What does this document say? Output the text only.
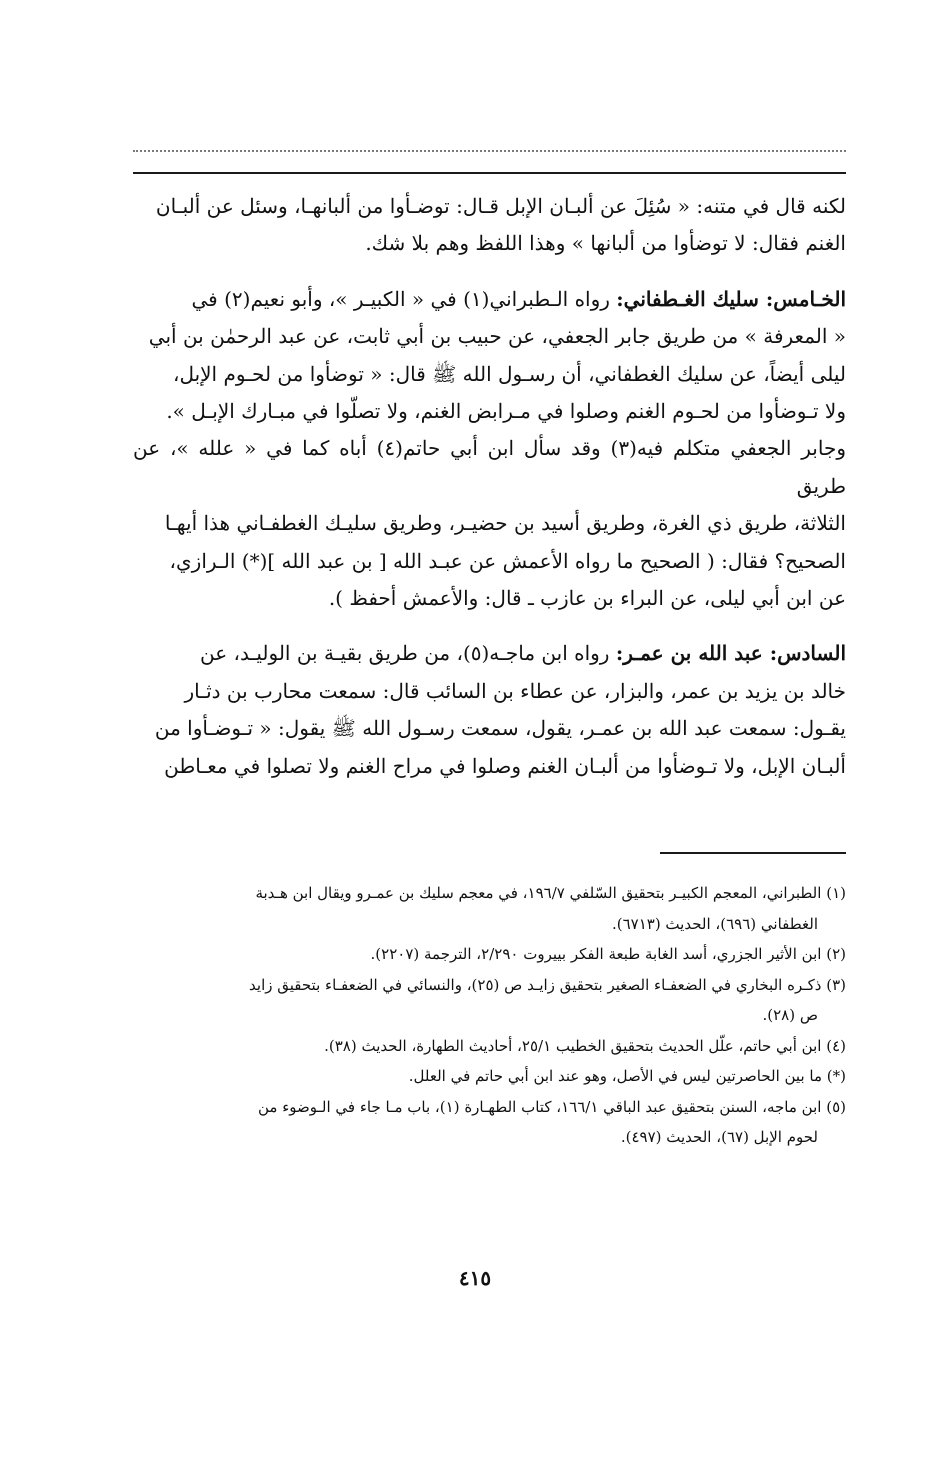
لكنه قال في متنه: « سُئِلَ عن ألبـان الإبل قـال: توضـأوا من ألبانهـا، وسئل عن ألبـان

الغنم فقال: لا توضأوا من ألبانها » وهذا اللفظ وهم بلا شك.

الخـامس: سليك الغـطفاني: رواه الـطبراني(١) في « الكبيـر »، وأبو نعيم(٢) في

« المعرفة » من طريق جابر الجعفي، عن حبيب بن أبي ثابت، عن عبد الرحمٰن بن أبي

ليلى أيضاً، عن سليك الغطفاني، أن رسـول الله ﷺ قال: « توضأوا من لحـوم الإبل،

ولا تـوضأوا من لحـوم الغنم وصلوا في مـرابض الغنم، ولا تصلّوا في مبـارك الإبـل ».

وجابر الجعفي متكلم فيه(٣) وقد سأل ابن أبي حاتم(٤) أباه كما في « علله »، عن طريق

الثلاثة، طريق ذي الغرة، وطريق أسيد بن حضيـر، وطريق سليـك الغطفـاني هذا أيهـا

الصحيح؟ فقال: ( الصحيح ما رواه الأعمش عن عبـد الله [ بن عبد الله ](*) الـرازي،

عن ابن أبي ليلى، عن البراء بن عازب ـ قال: والأعمش أحفظ ).

السادس: عبد الله بن عمـر: رواه ابن ماجـه(٥)، من طريق بقيـة بن الوليـد، عن

خالد بن يزيد بن عمر، والبزار، عن عطاء بن السائب قال: سمعت محارب بن دثـار

يقـول: سمعت عبد الله بن عمـر، يقول، سمعت رسـول الله ﷺ يقول: « تـوضـأوا من

ألبـان الإبل، ولا تـوضأوا من ألبـان الغنم وصلوا في مراح الغنم ولا تصلوا في معـاطن

(١) الطبراني، المعجم الكبيـر بتحقيق السّلفي ١٩٦/٧، في معجم سليك بن عمـرو ويقال ابن هـدبة

الغطفاني (٦٩٦)، الحديث (٦٧١٣).

(٢) ابن الأثير الجزري، أسد الغابة طبعة الفكر بييروت ٢/٢٩٠، الترجمة (٢٢٠٧).

(٣) ذكـره البخاري في الضعفـاء الصغير بتحقيق زايـد ص (٢٥)، والنسائي في الضعفـاء بتحقيق زايد

ص (٢٨).

(٤) ابن أبي حاتم، علّل الحديث بتحقيق الخطيب ٢٥/١، أحاديث الطهارة، الحديث (٣٨).

(*) ما بين الحاصرتين ليس في الأصل، وهو عند ابن أبي حاتم في العلل.

(٥) ابن ماجه، السنن بتحقيق عبد الباقي ١٦٦/١، كتاب الطهـارة (١)، باب مـا جاء في الـوضوء من

لحوم الإبل (٦٧)، الحديث (٤٩٧).

٤١٥
